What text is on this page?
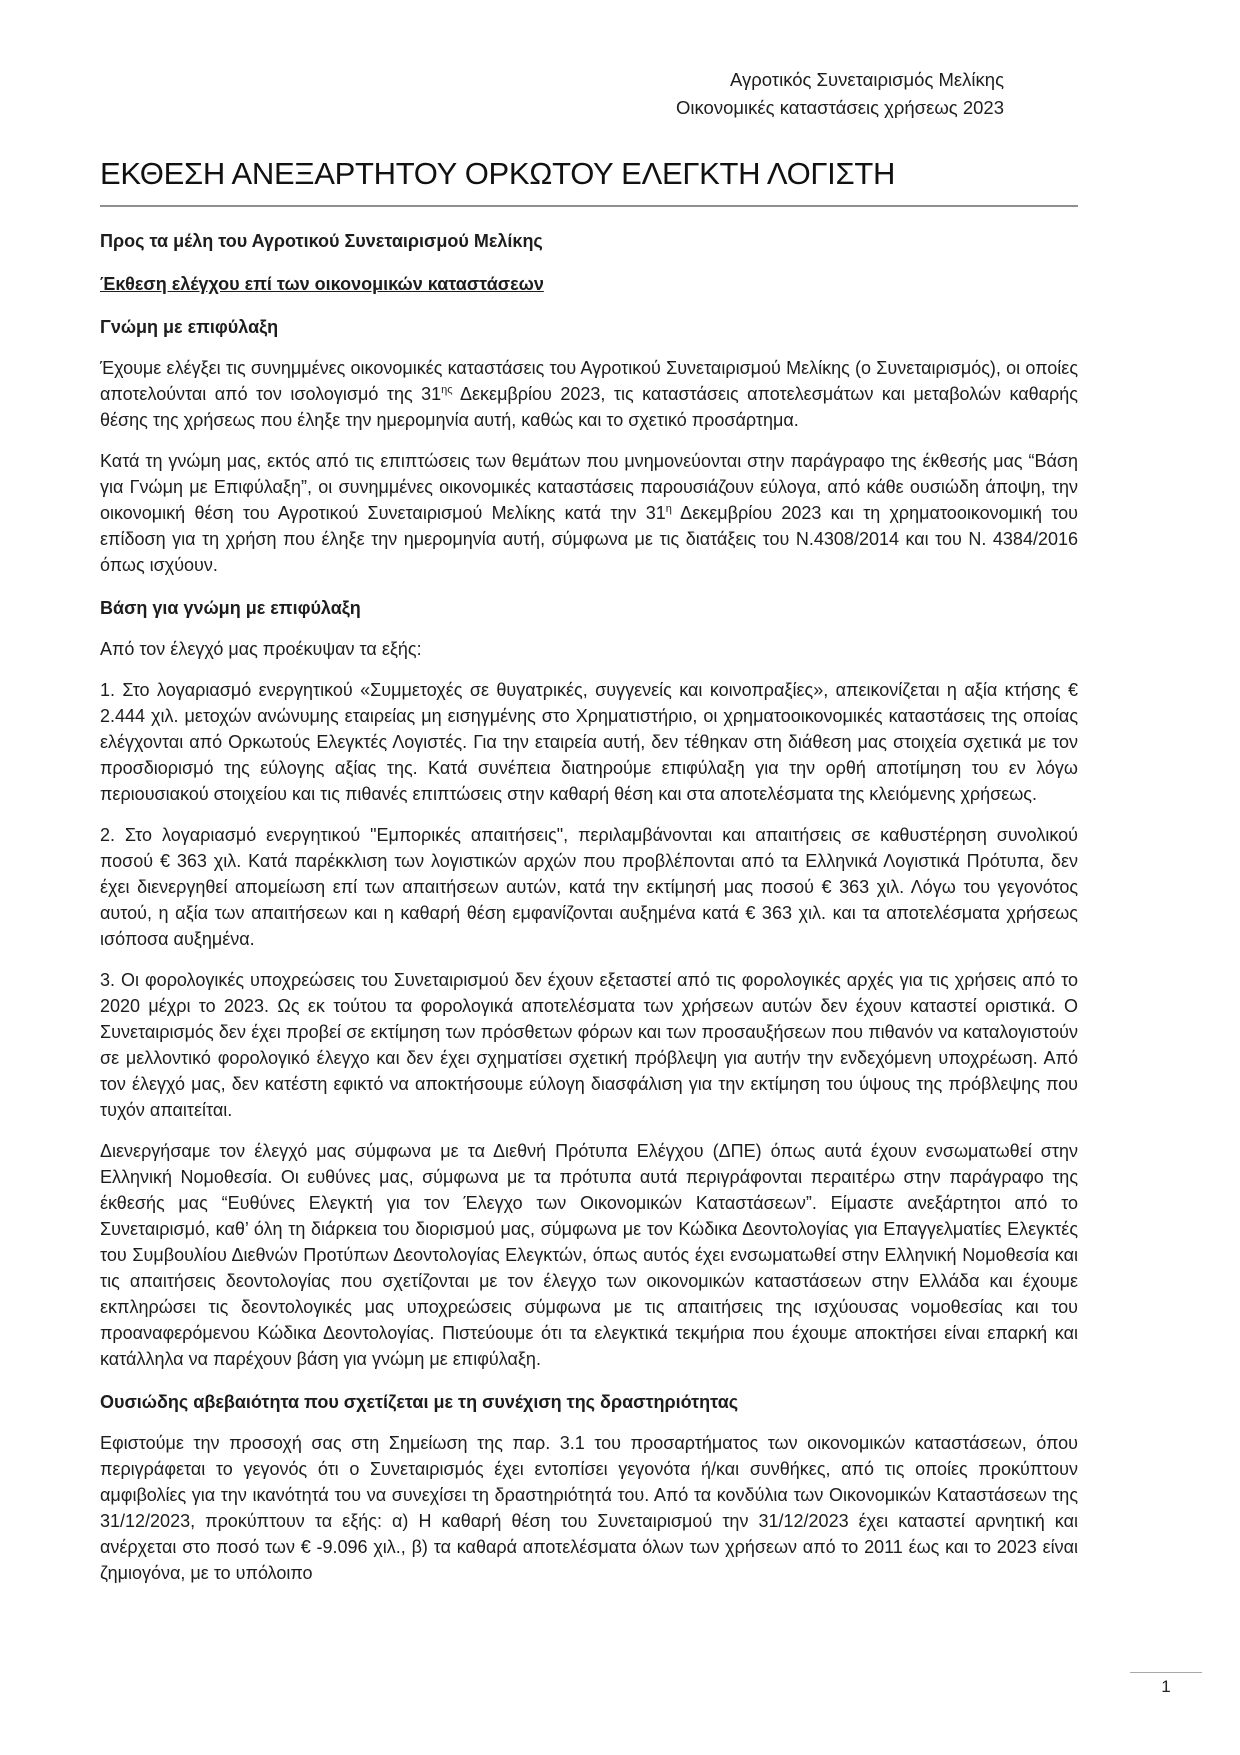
Αγροτικός Συνεταιρισμός Μελίκης
Οικονομικές καταστάσεις χρήσεως 2023
ΕΚΘΕΣΗ ΑΝΕΞΑΡΤΗΤΟΥ ΟΡΚΩΤΟΥ ΕΛΕΓΚΤΗ ΛΟΓΙΣΤΗ

Προς τα μέλη του Αγροτικού Συνεταιρισμού Μελίκης

Έκθεση ελέγχου επί των οικονομικών καταστάσεων

Γνώμη με επιφύλαξη

Έχουμε ελέγξει τις συνημμένες οικονομικές καταστάσεις του Αγροτικού Συνεταιρισμού Μελίκης (ο Συνεταιρισμός), οι οποίες αποτελούνται από τον ισολογισμό της $31^{\eta\varsigma}$ Δεκεμβρίου 2023, τις καταστάσεις αποτελεσμάτων και μεταβολών καθαρής θέσης της χρήσεως που έληξε την ημερομηνία αυτή, καθώς και το σχετικό προσάρτημα.

Κατά τη γνώμη μας, εκτός από τις επιπτώσεις των θεμάτων που μνημονεύονται στην παράγραφο της έκθεσής μας “Βάση για Γνώμη με Επιφύλαξη”, οι συνημμένες οικονομικές καταστάσεις παρουσιάζουν εύλογα, από κάθε ουσιώδη άποψη, την οικονομική θέση του Αγροτικού Συνεταιρισμού Μελίκης κατά την $31^\eta$ Δεκεμβρίου 2023 και τη χρηματοοικονομική του επίδοση για τη χρήση που έληξε την ημερομηνία αυτή, σύμφωνα με τις διατάξεις του Ν.4308/2014 και του Ν. 4384/2016 όπως ισχύουν.

Βάση για γνώμη με επιφύλαξη

Από τον έλεγχό μας προέκυψαν τα εξής:

1. Στο λογαριασμό ενεργητικού «Συμμετοχές σε θυγατρικές, συγγενείς και κοινοπραξίες», απεικονίζεται η αξία κτήσης € 2.444 χιλ. μετοχών ανώνυμης εταιρείας μη εισηγμένης στο Χρηματιστήριο, οι χρηματοοικονομικές καταστάσεις της οποίας ελέγχονται από Ορκωτούς Ελεγκτές Λογιστές. Για την εταιρεία αυτή, δεν τέθηκαν στη διάθεση μας στοιχεία σχετικά με τον προσδιορισμό της εύλογης αξίας της. Κατά συνέπεια διατηρούμε επιφύλαξη για την ορθή αποτίμηση του εν λόγω περιουσιακού στοιχείου και τις πιθανές επιπτώσεις στην καθαρή θέση και στα αποτελέσματα της κλειόμενης χρήσεως.

2. Στο λογαριασμό ενεργητικού "Εμπορικές απαιτήσεις", περιλαμβάνονται και απαιτήσεις σε καθυστέρηση συνολικού ποσού € 363 χιλ. Κατά παρέκκλιση των λογιστικών αρχών που προβλέπονται από τα Ελληνικά Λογιστικά Πρότυπα, δεν έχει διενεργηθεί απομείωση επί των απαιτήσεων αυτών, κατά την εκτίμησή μας ποσού € 363 χιλ. Λόγω του γεγονότος αυτού, η αξία των απαιτήσεων και η καθαρή θέση εμφανίζονται αυξημένα κατά € 363 χιλ. και τα αποτελέσματα χρήσεως ισόποσα αυξημένα.

3. Οι φορολογικές υποχρεώσεις του Συνεταιρισμού δεν έχουν εξεταστεί από τις φορολογικές αρχές για τις χρήσεις από το 2020 μέχρι το 2023. Ως εκ τούτου τα φορολογικά αποτελέσματα των χρήσεων αυτών δεν έχουν καταστεί οριστικά. Ο Συνεταιρισμός δεν έχει προβεί σε εκτίμηση των πρόσθετων φόρων και των προσαυξήσεων που πιθανόν να καταλογιστούν σε μελλοντικό φορολογικό έλεγχο και δεν έχει σχηματίσει σχετική πρόβλεψη για αυτήν την ενδεχόμενη υποχρέωση. Από τον έλεγχό μας, δεν κατέστη εφικτό να αποκτήσουμε εύλογη διασφάλιση για την εκτίμηση του ύψους της πρόβλεψης που τυχόν απαιτείται.

Διενεργήσαμε τον έλεγχό μας σύμφωνα με τα Διεθνή Πρότυπα Ελέγχου (ΔΠΕ) όπως αυτά έχουν ενσωματωθεί στην Ελληνική Νομοθεσία. Οι ευθύνες μας, σύμφωνα με τα πρότυπα αυτά περιγράφονται περαιτέρω στην παράγραφο της έκθεσής μας “Ευθύνες Ελεγκτή για τον Έλεγχο των Οικονομικών Καταστάσεων”. Είμαστε ανεξάρτητοι από το Συνεταιρισμό, καθ’ όλη τη διάρκεια του διορισμού μας, σύμφωνα με τον Κώδικα Δεοντολογίας για Επαγγελματίες Ελεγκτές του Συμβουλίου Διεθνών Προτύπων Δεοντολογίας Ελεγκτών, όπως αυτός έχει ενσωματωθεί στην Ελληνική Νομοθεσία και τις απαιτήσεις δεοντολογίας που σχετίζονται με τον έλεγχο των οικονομικών καταστάσεων στην Ελλάδα και έχουμε εκπληρώσει τις δεοντολογικές μας υποχρεώσεις σύμφωνα με τις απαιτήσεις της ισχύουσας νομοθεσίας και του προαναφερόμενου Κώδικα Δεοντολογίας. Πιστεύουμε ότι τα ελεγκτικά τεκμήρια που έχουμε αποκτήσει είναι επαρκή και κατάλληλα να παρέχουν βάση για γνώμη με επιφύλαξη.

Ουσιώδης αβεβαιότητα που σχετίζεται με τη συνέχιση της δραστηριότητας

Εφιστούμε την προσοχή σας στη Σημείωση της παρ. 3.1 του προσαρτήματος των οικονομικών καταστάσεων, όπου περιγράφεται το γεγονός ότι ο Συνεταιρισμός έχει εντοπίσει γεγονότα ή/και συνθήκες, από τις οποίες προκύπτουν αμφιβολίες για την ικανότητά του να συνεχίσει τη δραστηριότητά του. Από τα κονδύλια των Οικονομικών Καταστάσεων της 31/12/2023, προκύπτουν τα εξής: α) Η καθαρή θέση του Συνεταιρισμού την 31/12/2023 έχει καταστεί αρνητική και ανέρχεται στο ποσό των € -9.096 χιλ., β) τα καθαρά αποτελέσματα όλων των χρήσεων από το 2011 έως και το 2023 είναι ζημιογόνα, με το υπόλοιπο

1
